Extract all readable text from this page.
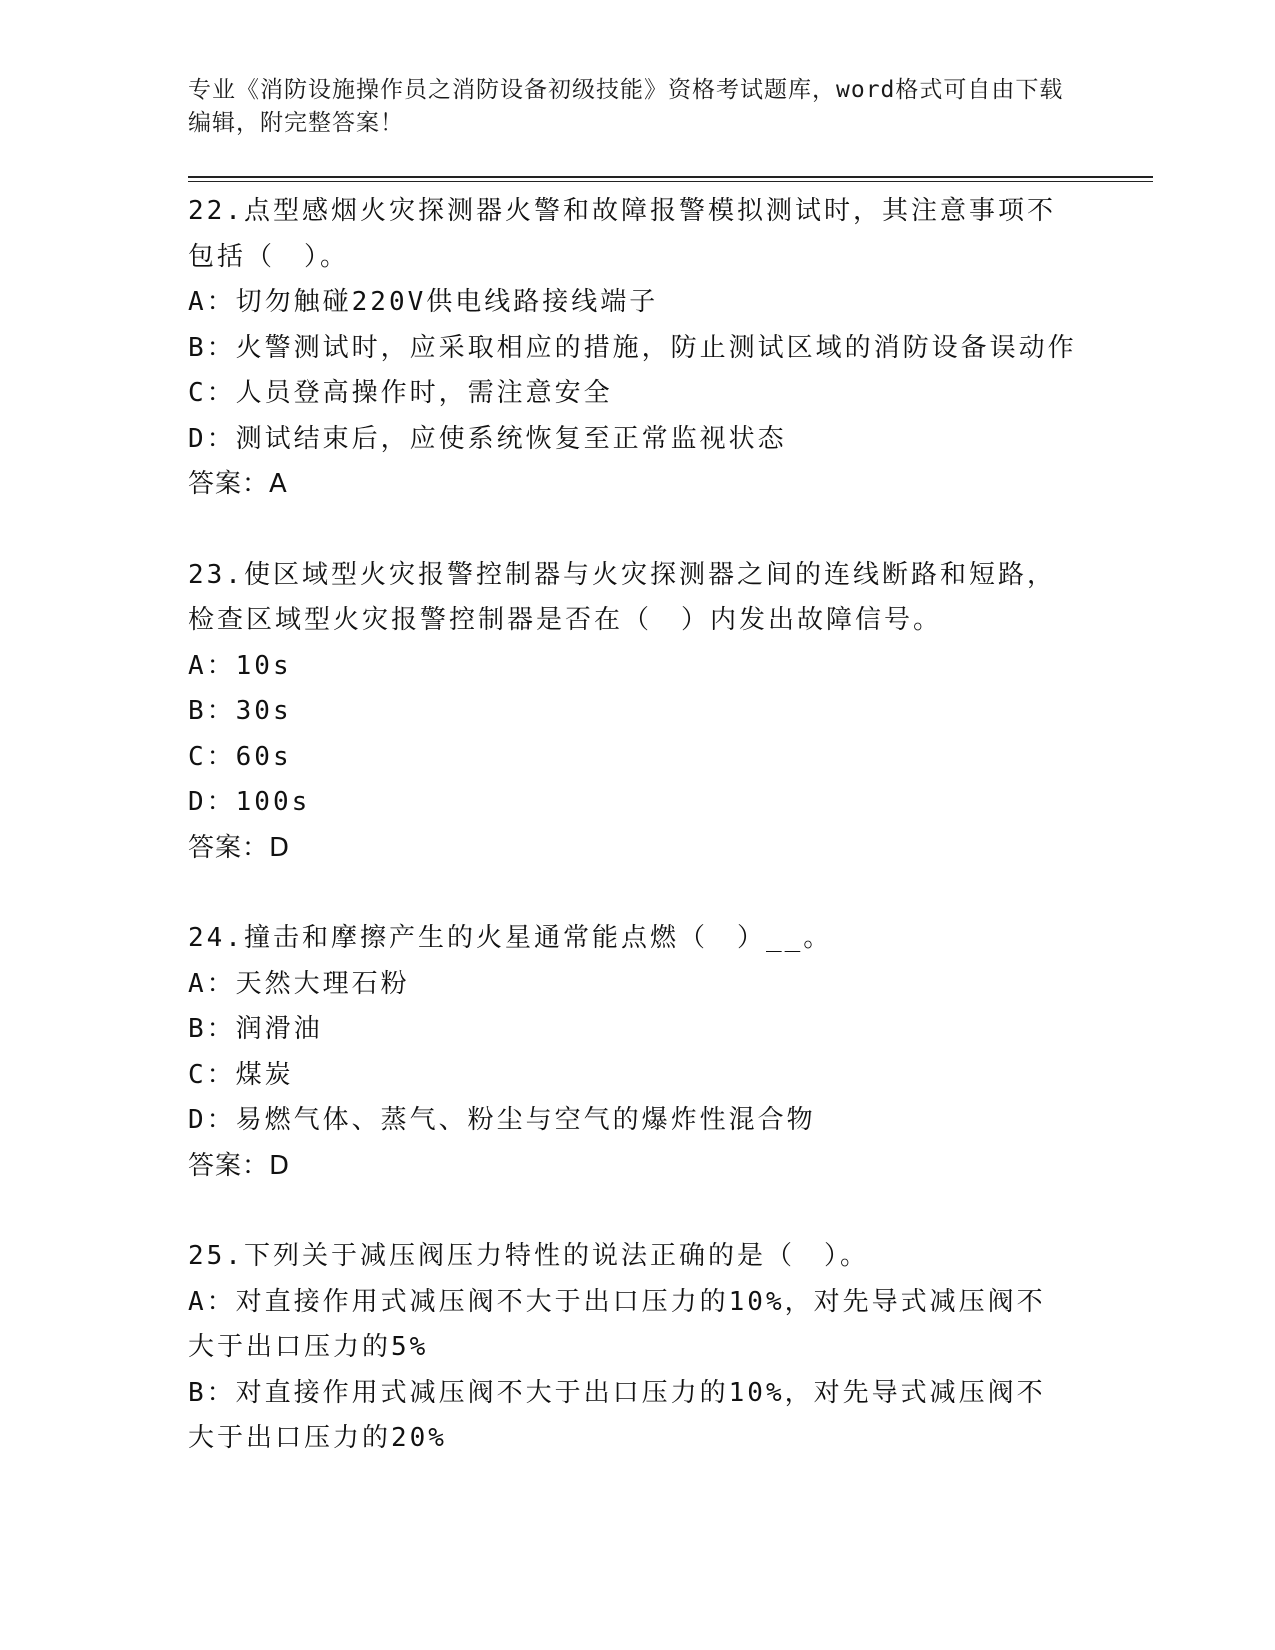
专业《消防设施操作员之消防设备初级技能》资格考试题库，word格式可自由下载编辑，附完整答案！
22.点型感烟火灾探测器火警和故障报警模拟测试时，其注意事项不包括（　）。
A：切勿触碰220V供电线路接线端子
B：火警测试时，应采取相应的措施，防止测试区域的消防设备误动作
C：人员登高操作时，需注意安全
D：测试结束后，应使系统恢复至正常监视状态
答案：A
23.使区域型火灾报警控制器与火灾探测器之间的连线断路和短路，检查区域型火灾报警控制器是否在（　）内发出故障信号。
A：10s
B：30s
C：60s
D：100s
答案：D
24.撞击和摩擦产生的火星通常能点燃（　）__。
A：天然大理石粉
B：润滑油
C：煤炭
D：易燃气体、蒸气、粉尘与空气的爆炸性混合物
答案：D
25.下列关于减压阀压力特性的说法正确的是（　）。
A：对直接作用式减压阀不大于出口压力的10%，对先导式减压阀不大于出口压力的5%
B：对直接作用式减压阀不大于出口压力的10%，对先导式减压阀不大于出口压力的20%
